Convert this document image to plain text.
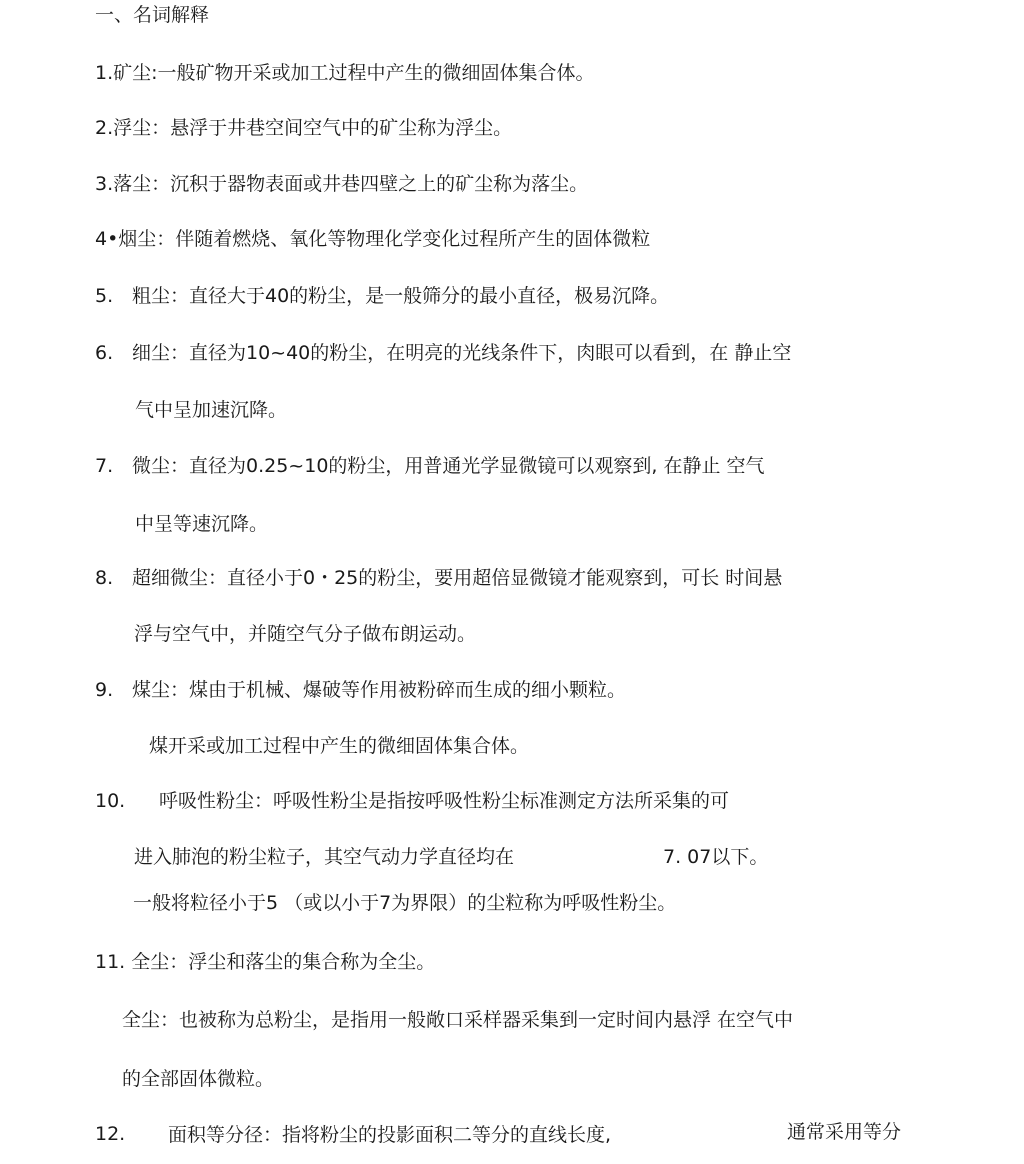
一、名词解释
1.矿尘:一般矿物开采或加工过程中产生的微细固体集合体。
2.浮尘：悬浮于井巷空间空气中的矿尘称为浮尘。
3.落尘：沉积于器物表面或井巷四壁之上的矿尘称为落尘。
4•烟尘：伴随着燃烧、氧化等物理化学变化过程所产生的固体微粒
5. 粗尘：直径大于40的粉尘，是一般筛分的最小直径，极易沉降。
6. 细尘：直径为10~40的粉尘，在明亮的光线条件下，肉眼可以看到，在 静止空
气中呈加速沉降。
7. 微尘：直径为0.25~10的粉尘，用普通光学显微镜可以观察到, 在静止 空气
中呈等速沉降。
8. 超细微尘：直径小于0・25的粉尘，要用超倍显微镜才能观察到，可长 时间悬
浮与空气中，并随空气分子做布朗运动。
9. 煤尘：煤由于机械、爆破等作用被粉碎而生成的细小颗粒。
煤开采或加工过程中产生的微细固体集合体。
10. 呼吸性粉尘：呼吸性粉尘是指按呼吸性粉尘标准测定方法所采集的可
进入肺泡的粉尘粒子，其空气动力学直径均在	7. 07以下。
一般将粒径小于5 （或以小于7为界限）的尘粒称为呼吸性粉尘。
11. 全尘：浮尘和落尘的集合称为全尘。
全尘：也被称为总粉尘，是指用一般敞口采样器采集到一定时间内悬浮 在空气中
的全部固体微粒。
12. 面积等分径：指将粉尘的投影面积二等分的直线长度,	通常采用等分
